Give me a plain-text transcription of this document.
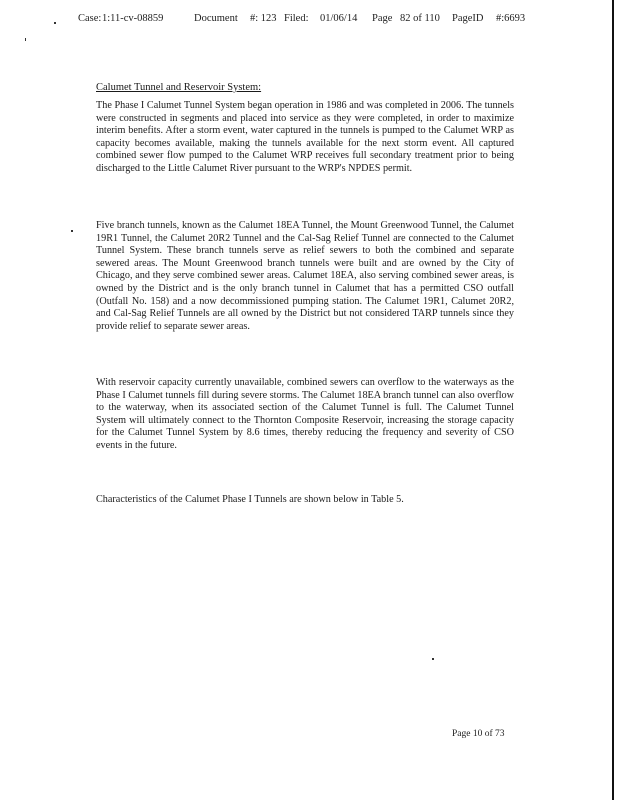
Case: 1:11-cv-08859	Document #: 123 Filed: 01/06/14 Page 82 of 110 PageID #:6693
Calumet Tunnel and Reservoir System:

The Phase I Calumet Tunnel System began operation in 1986 and was completed in 2006. The tunnels were constructed in segments and placed into service as they were completed, in order to maximize interim benefits. After a storm event, water captured in the tunnels is pumped to the Calumet WRP as capacity becomes available, making the tunnels available for the next storm event. All captured combined sewer flow pumped to the Calumet WRP receives full secondary treatment prior to being discharged to the Little Calumet River pursuant to the WRP's NPDES permit.

Five branch tunnels, known as the Calumet 18EA Tunnel, the Mount Greenwood Tunnel, the Calumet 19R1 Tunnel, the Calumet 20R2 Tunnel and the Cal-Sag Relief Tunnel are connected to the Calumet Tunnel System. These branch tunnels serve as relief sewers to both the combined and separate sewered areas. The Mount Greenwood branch tunnels were built and are owned by the City of Chicago, and they serve combined sewer areas. Calumet 18EA, also serving combined sewer areas, is owned by the District and is the only branch tunnel in Calumet that has a permitted CSO outfall (Outfall No. 158) and a now decommissioned pumping station. The Calumet 19R1, Calumet 20R2, and Cal-Sag Relief Tunnels are all owned by the District but not considered TARP tunnels since they provide relief to separate sewer areas.

With reservoir capacity currently unavailable, combined sewers can overflow to the waterways as the Phase I Calumet tunnels fill during severe storms. The Calumet 18EA branch tunnel can also overflow to the waterway, when its associated section of the Calumet Tunnel is full. The Calumet Tunnel System will ultimately connect to the Thornton Composite Reservoir, increasing the storage capacity for the Calumet Tunnel System by 8.6 times, thereby reducing the frequency and severity of CSO events in the future.

Characteristics of the Calumet Phase I Tunnels are shown below in Table 5.

Page 10 of 73
